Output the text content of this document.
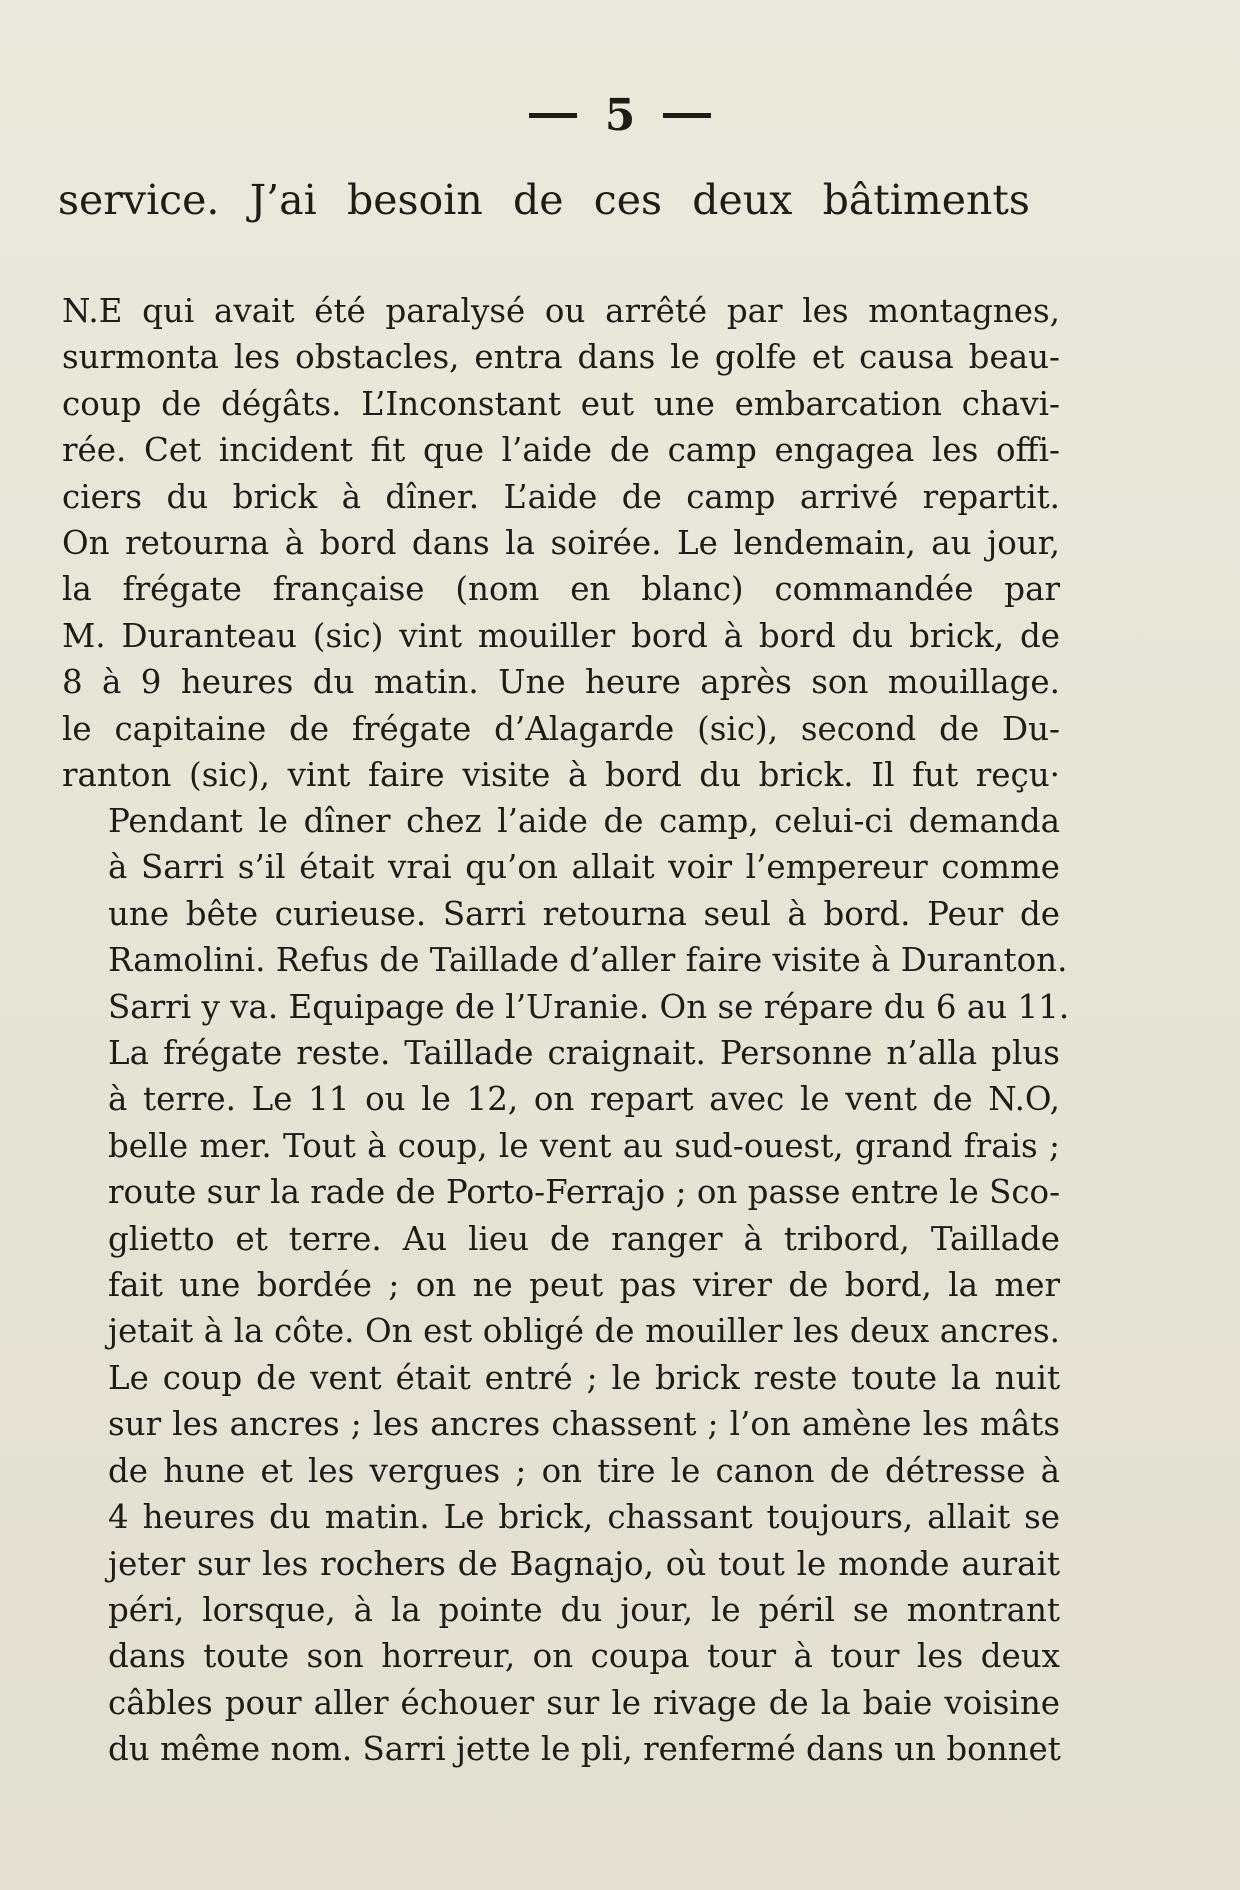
5
service. J’ai besoin de ces deux bâtiments

N.E qui avait été paralysé ou arrêté par les montagnes,
surmonta les obstacles, entra dans le golfe et causa beau-
coup de dégâts. L’Inconstant eut une embarcation chavi-
rée. Cet incident fit que l’aide de camp engagea les offi-
ciers du brick à dîner. L’aide de camp arrivé repartit.
On retourna à bord dans la soirée. Le lendemain, au jour,
la frégate française (nom en blanc) commandée par
M. Duranteau (sic) vint mouiller bord à bord du brick, de
8 à 9 heures du matin. Une heure après son mouillage.
le capitaine de frégate d’Alagarde (sic), second de Du-
ranton (sic), vint faire visite à bord du brick. Il fut reçu·

Pendant le dîner chez l’aide de camp, celui-ci demanda
à Sarri s’il était vrai qu’on allait voir l’empereur comme
une bête curieuse. Sarri retourna seul à bord. Peur de
Ramolini. Refus de Taillade d’aller faire visite à Duranton.
Sarri y va. Equipage de l’Uranie. On se répare du 6 au 11.
La frégate reste. Taillade craignait. Personne n’alla plus
à terre. Le 11 ou le 12, on repart avec le vent de N.O,
belle mer. Tout à coup, le vent au sud-ouest, grand frais ;
route sur la rade de Porto-Ferrajo ; on passe entre le Sco-
glietto et terre. Au lieu de ranger à tribord, Taillade
fait une bordée ; on ne peut pas virer de bord, la mer
jetait à la côte. On est obligé de mouiller les deux ancres.
Le coup de vent était entré ; le brick reste toute la nuit
sur les ancres ; les ancres chassent ; l’on amène les mâts
de hune et les vergues ; on tire le canon de détresse à
4 heures du matin. Le brick, chassant toujours, allait se
jeter sur les rochers de Bagnajo, où tout le monde aurait
péri, lorsque, à la pointe du jour, le péril se montrant
dans toute son horreur, on coupa tour à tour les deux
câbles pour aller échouer sur le rivage de la baie voisine
du même nom. Sarri jette le pli, renfermé dans un bonnet
